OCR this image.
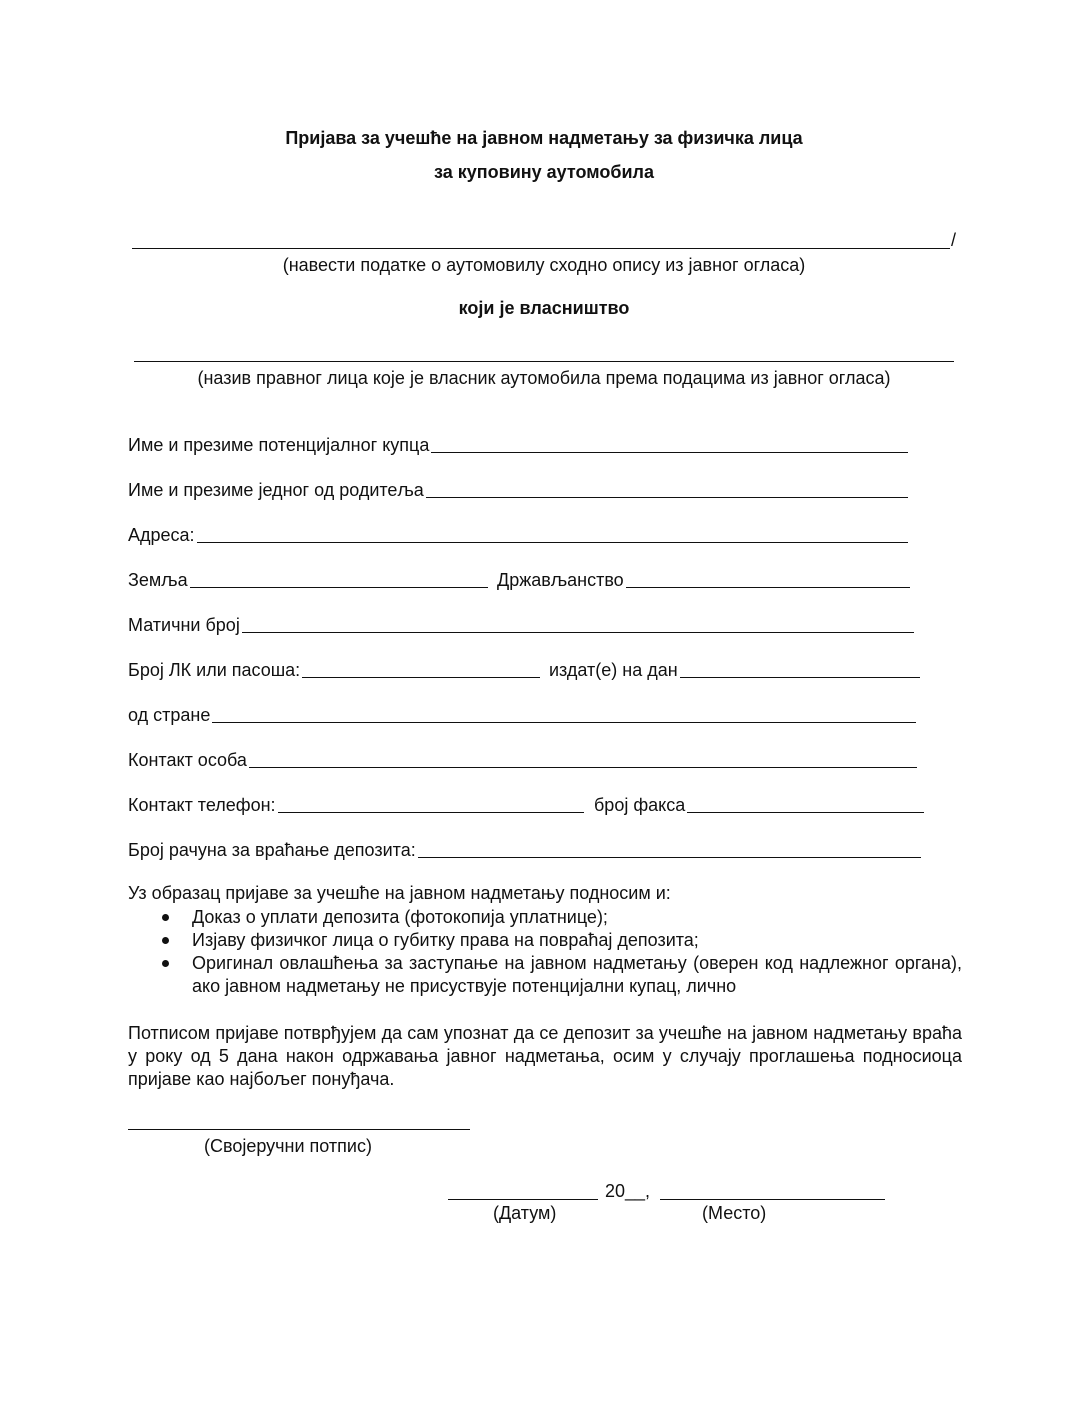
Пријава за учешће на јавном надметању за физичка лица
за куповину аутомобила
/
(навести податке о аутомовилу сходно опису из јавног огласа)
који је власништво
(назив правног лица које је власник аутомобила према подацима из јавног огласа)
Име и презиме потенцијалног купца
Име и презиме једног од родитеља
Адреса:
Земља	Држављанство
Матични број
Број ЛК или пасоша:	издат(е) на дан
од стране
Контакт особа
Контакт телефон:	број факса
Број рачуна за враћање депозита:
Уз образац пријаве за учешће на јавном надметању подносим и:
Доказ о уплати депозита (фотокопија уплатнице);
Изјаву физичког лица о губитку права на повраћај депозита;
Оригинал овлашћења за заступање на јавном надметању (оверен код надлежног органа), ако јавном надметању не присуствује потенцијални купац, лично
Потписом пријаве потврђујем да сам упознат да се депозит за учешће на јавном надметању враћа у року од 5 дана након одржавања јавног надметања, осим у случају проглашења подносиоца пријаве као најбољег понуђача.
(Својеручни потпис)
20__,
(Датум)	(Место)
